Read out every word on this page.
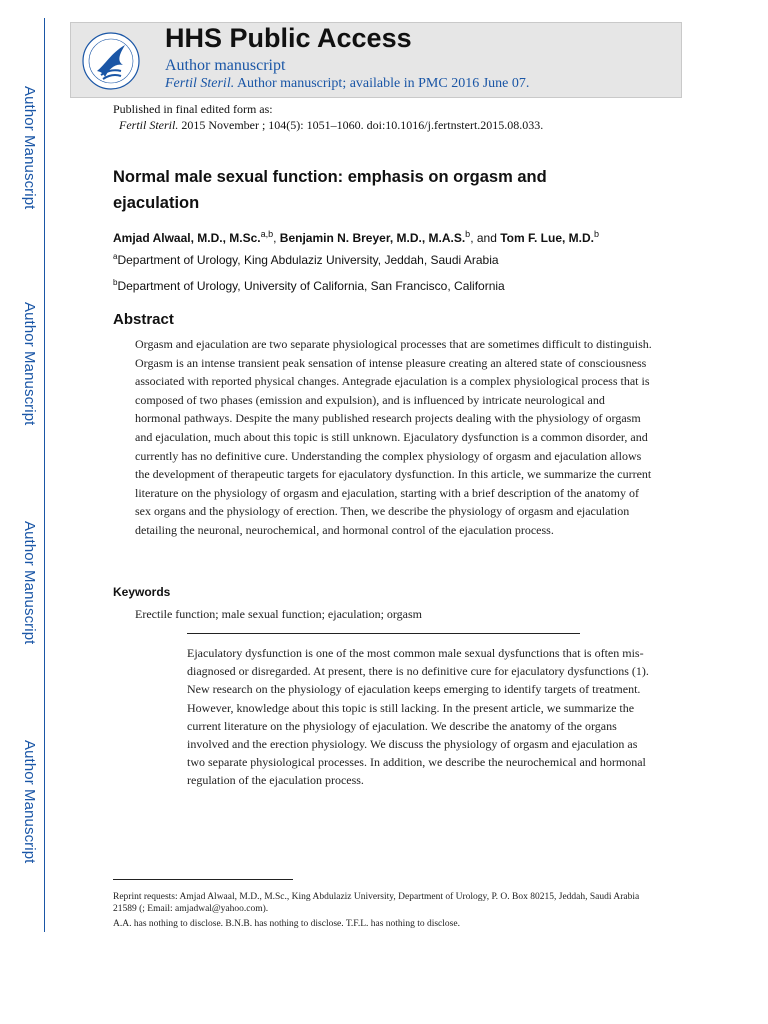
Author Manuscript
Author Manuscript
Author Manuscript
Author Manuscript
HHS Public Access
Author manuscript
Fertil Steril. Author manuscript; available in PMC 2016 June 07.
Published in final edited form as:
Fertil Steril. 2015 November ; 104(5): 1051–1060. doi:10.1016/j.fertnstert.2015.08.033.
Normal male sexual function: emphasis on orgasm and ejaculation
Amjad Alwaal, M.D., M.Sc.$^{a,b}$, Benjamin N. Breyer, M.D., M.A.S.$^b$, and Tom F. Lue, M.D.$^b$
$^a$Department of Urology, King Abdulaziz University, Jeddah, Saudi Arabia
$^b$Department of Urology, University of California, San Francisco, California
Abstract
Orgasm and ejaculation are two separate physiological processes that are sometimes difficult to distinguish. Orgasm is an intense transient peak sensation of intense pleasure creating an altered state of consciousness associated with reported physical changes. Antegrade ejaculation is a complex physiological process that is composed of two phases (emission and expulsion), and is influenced by intricate neurological and hormonal pathways. Despite the many published research projects dealing with the physiology of orgasm and ejaculation, much about this topic is still unknown. Ejaculatory dysfunction is a common disorder, and currently has no definitive cure. Understanding the complex physiology of orgasm and ejaculation allows the development of therapeutic targets for ejaculatory dysfunction. In this article, we summarize the current literature on the physiology of orgasm and ejaculation, starting with a brief description of the anatomy of sex organs and the physiology of erection. Then, we describe the physiology of orgasm and ejaculation detailing the neuronal, neurochemical, and hormonal control of the ejaculation process.
Keywords
Erectile function; male sexual function; ejaculation; orgasm
Ejaculatory dysfunction is one of the most common male sexual dysfunctions that is often mis-diagnosed or disregarded. At present, there is no definitive cure for ejaculatory dysfunctions (1). New research on the physiology of ejaculation keeps emerging to identify targets of treatment. However, knowledge about this topic is still lacking. In the present article, we summarize the current literature on the physiology of ejaculation. We describe the anatomy of the organs involved and the erection physiology. We discuss the physiology of orgasm and ejaculation as two separate physiological processes. In addition, we describe the neurochemical and hormonal regulation of the ejaculation process.
Reprint requests: Amjad Alwaal, M.D., M.Sc., King Abdulaziz University, Department of Urology, P. O. Box 80215, Jeddah, Saudi Arabia 21589 (; Email: amjadwal@yahoo.com).
A.A. has nothing to disclose. B.N.B. has nothing to disclose. T.F.L. has nothing to disclose.
